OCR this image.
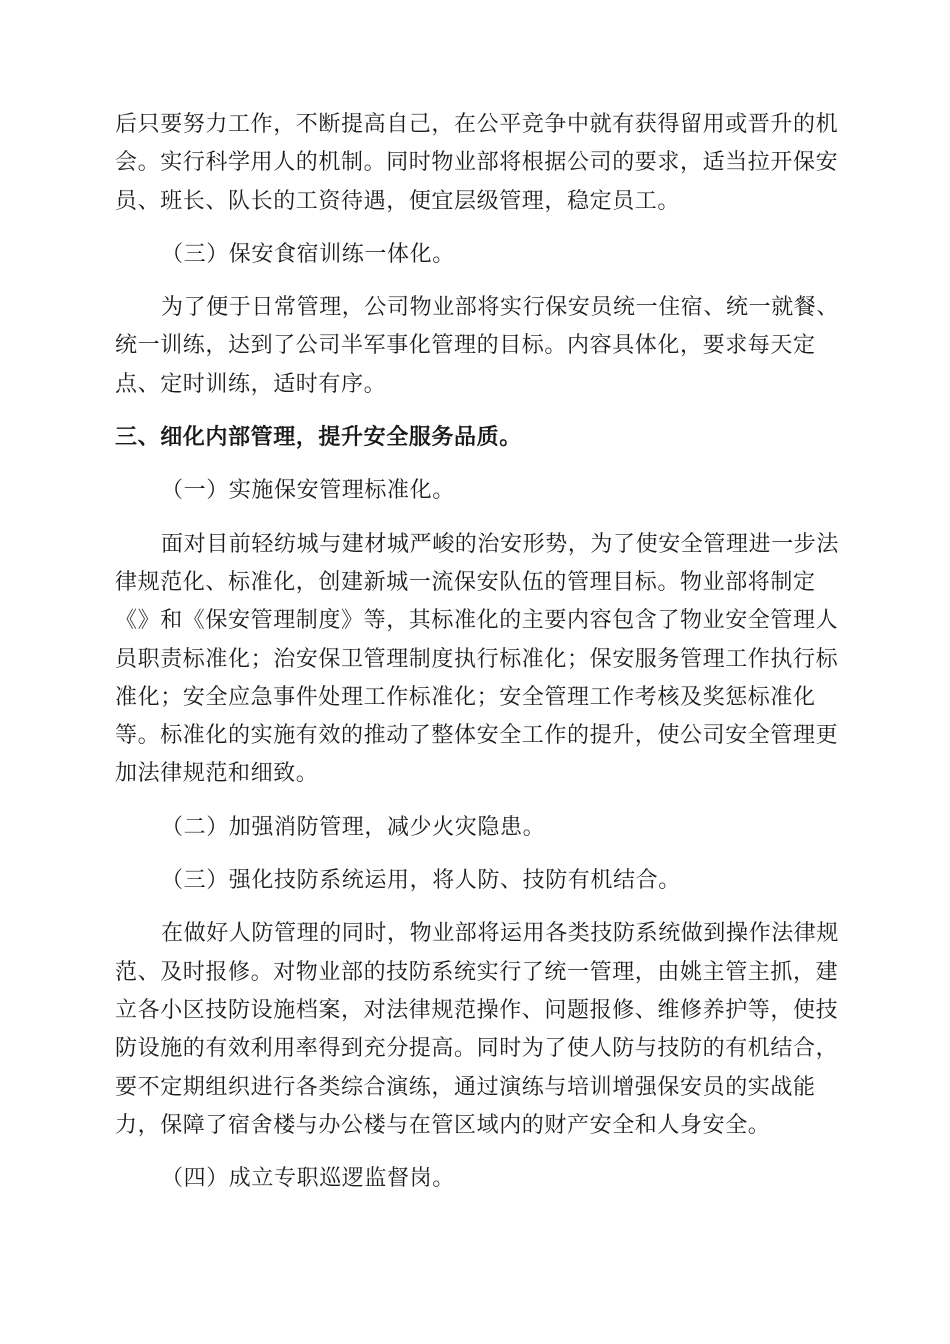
后只要努力工作，不断提高自己，在公平竞争中就有获得留用或晋升的机
会。实行科学用人的机制。同时物业部将根据公司的要求，适当拉开保安
员、班长、队长的工资待遇，便宜层级管理，稳定员工。
（三）保安食宿训练一体化。
为了便于日常管理，公司物业部将实行保安员统一住宿、统一就餐、
统一训练，达到了公司半军事化管理的目标。内容具体化，要求每天定
点、定时训练，适时有序。
三、细化内部管理，提升安全服务品质。
（一）实施保安管理标准化。
面对目前轻纺城与建材城严峻的治安形势，为了使安全管理进一步法
律规范化、标准化，创建新城一流保安队伍的管理目标。物业部将制定
《》和《保安管理制度》等，其标准化的主要内容包含了物业安全管理人
员职责标准化；治安保卫管理制度执行标准化；保安服务管理工作执行标
准化；安全应急事件处理工作标准化；安全管理工作考核及奖惩标准化
等。标准化的实施有效的推动了整体安全工作的提升，使公司安全管理更
加法律规范和细致。
（二）加强消防管理，减少火灾隐患。
（三）强化技防系统运用，将人防、技防有机结合。
在做好人防管理的同时，物业部将运用各类技防系统做到操作法律规
范、及时报修。对物业部的技防系统实行了统一管理，由姚主管主抓，建
立各小区技防设施档案，对法律规范操作、问题报修、维修养护等，使技
防设施的有效利用率得到充分提高。同时为了使人防与技防的有机结合，
要不定期组织进行各类综合演练，通过演练与培训增强保安员的实战能
力，保障了宿舍楼与办公楼与在管区域内的财产安全和人身安全。
（四）成立专职巡逻监督岗。
